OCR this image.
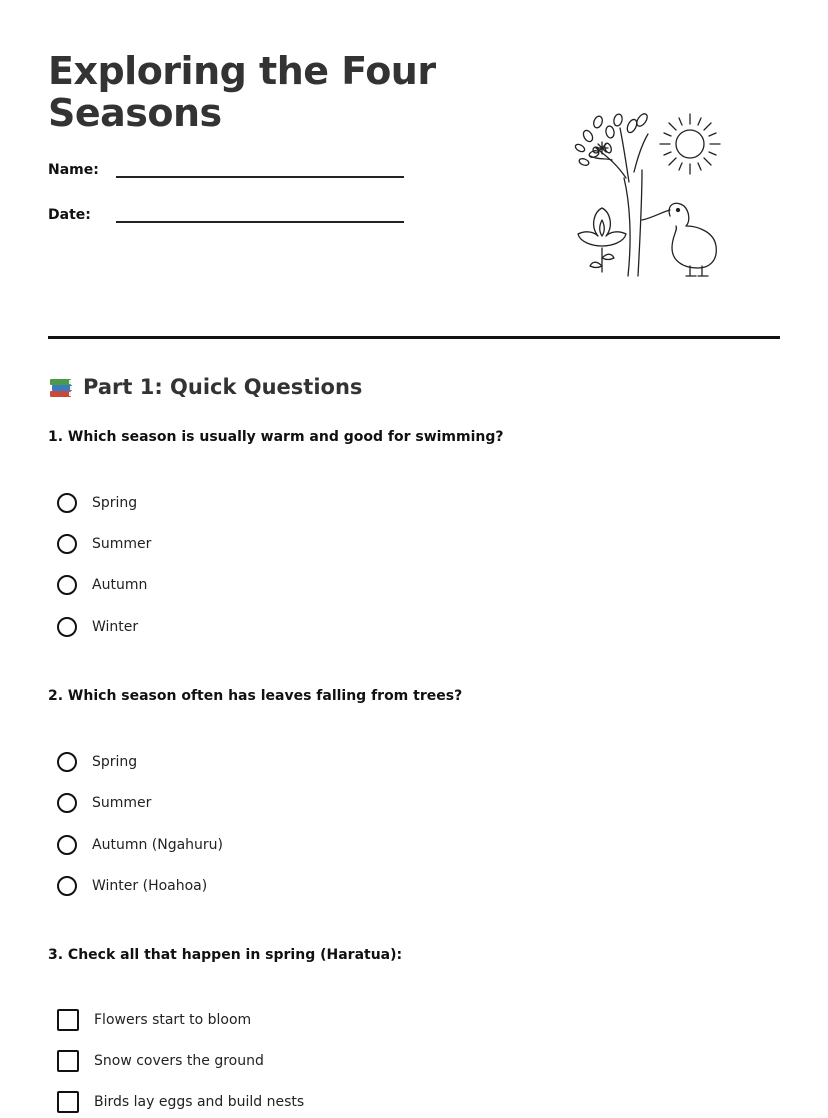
Exploring the Four Seasons
Name:
Date:
Part 1: Quick Questions

1. Which season is usually warm and good for swimming?

Spring
Summer
Autumn
Winter

2. Which season often has leaves falling from trees?

Spring
Summer
Autumn (Ngahuru)
Winter (Hoahoa)

3. Check all that happen in spring (Haratua):

Flowers start to bloom
Snow covers the ground
Birds lay eggs and build nests
